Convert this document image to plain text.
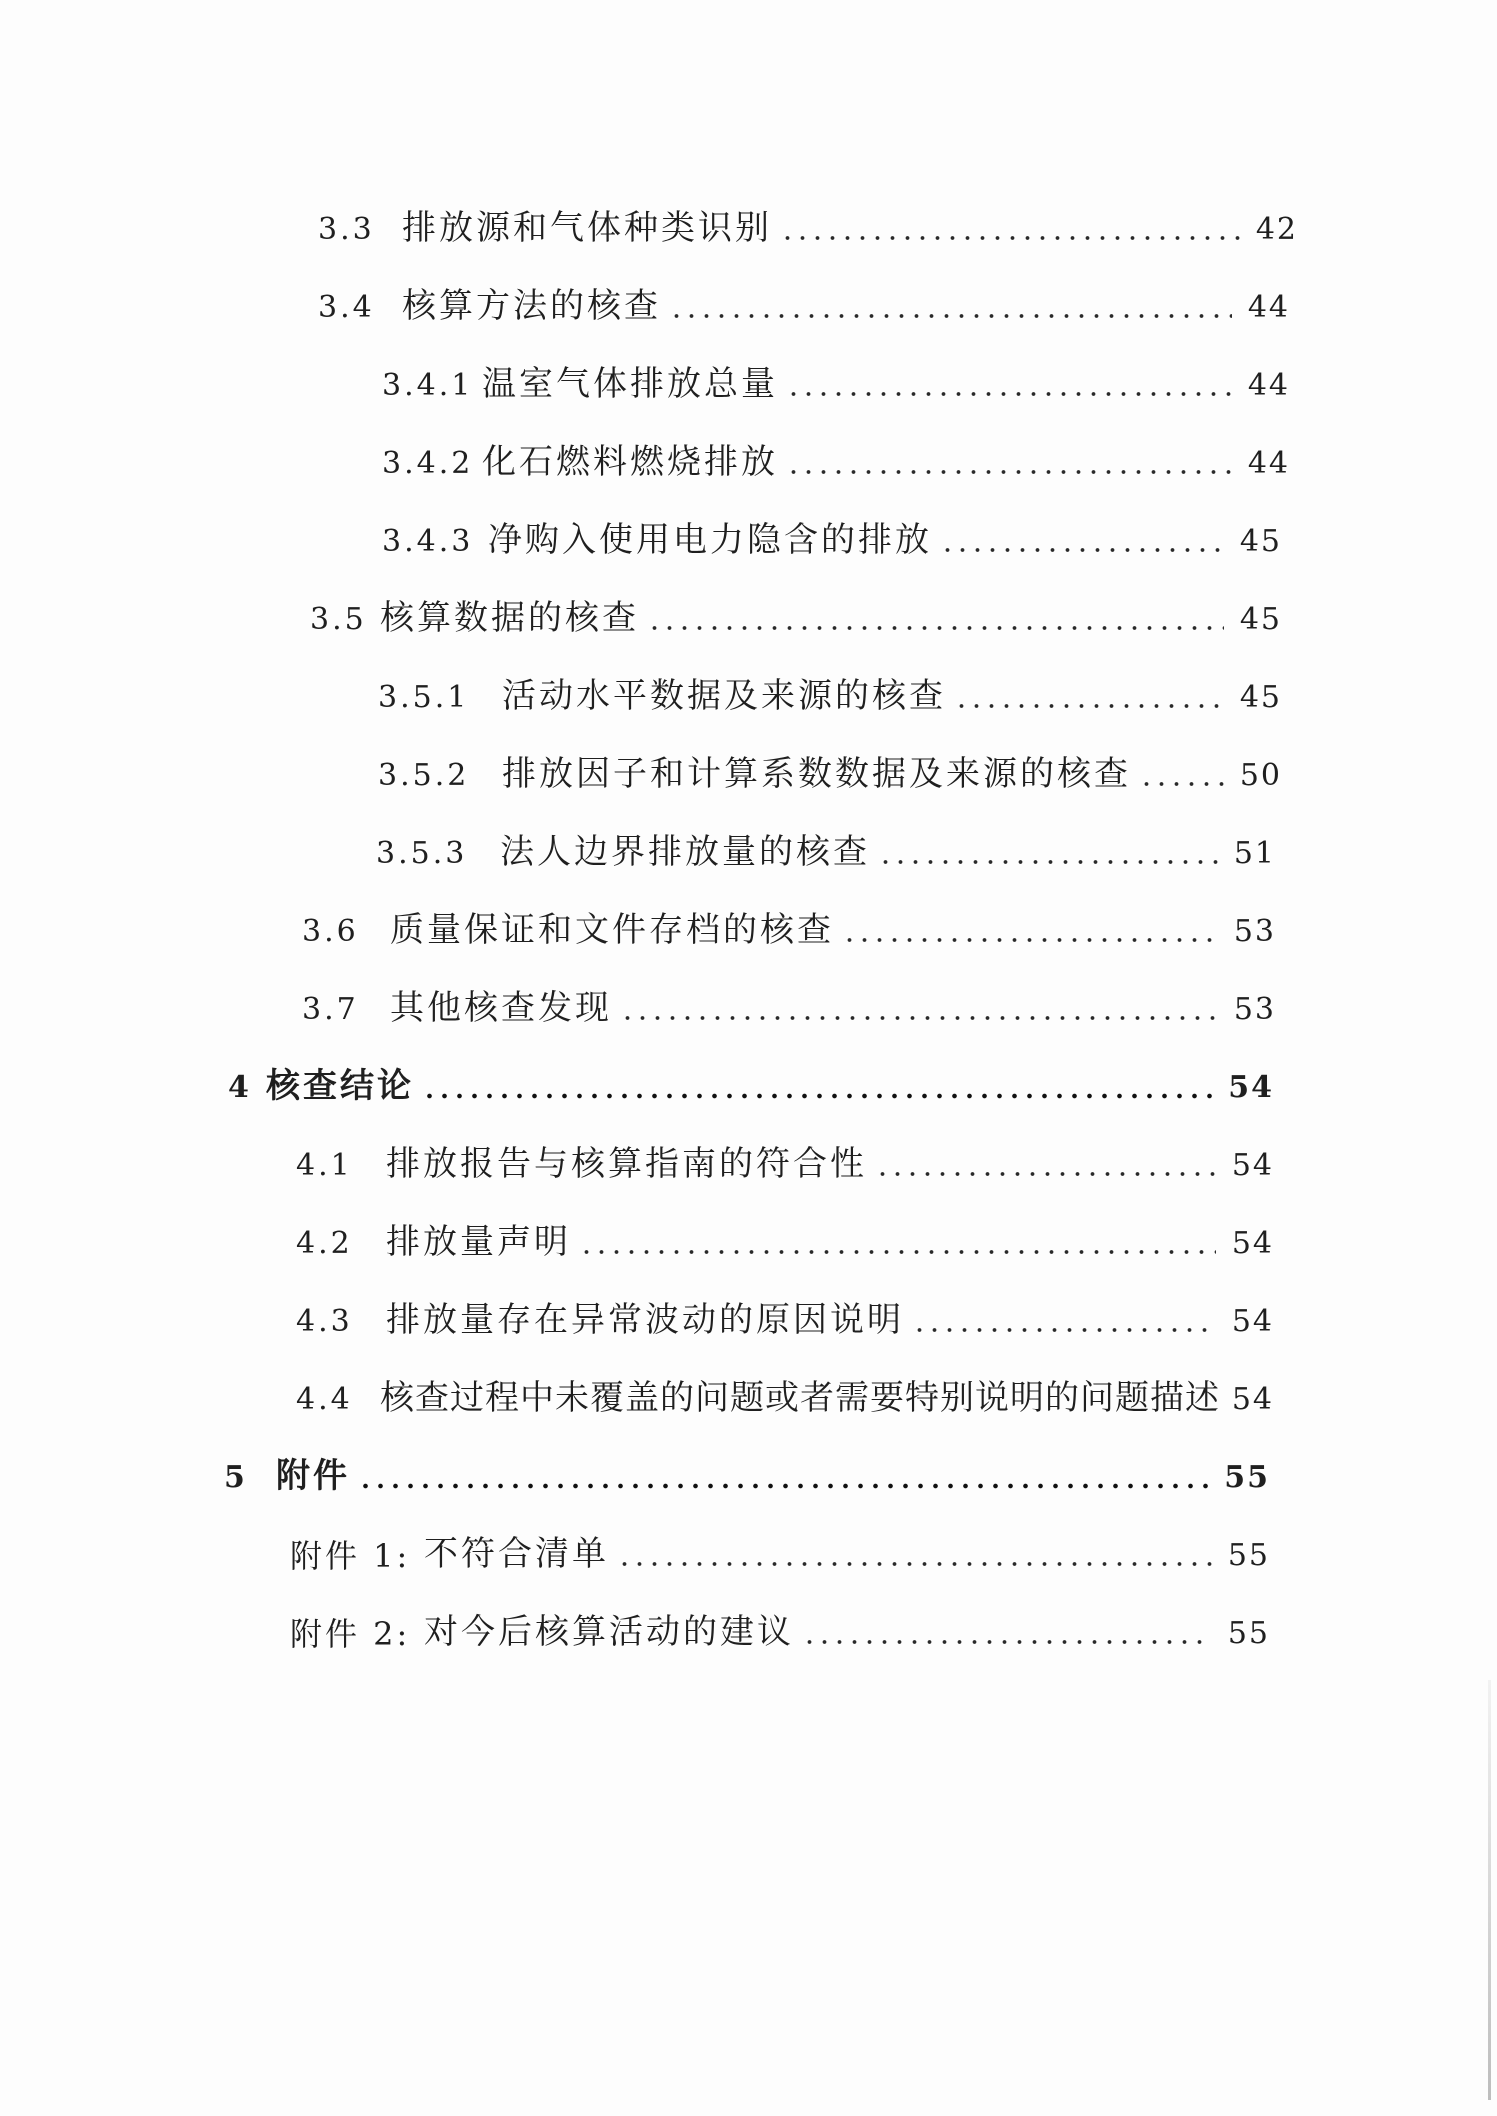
3.3 排放源和气体种类识别	42
3.4 核算方法的核查	44
3.4.1 温室气体排放总量	44
3.4.2 化石燃料燃烧排放	44
3.4.3 净购入使用电力隐含的排放	45
3.5 核算数据的核查	45
3.5.1 活动水平数据及来源的核查	45
3.5.2 排放因子和计算系数数据及来源的核查	50
3.5.3 法人边界排放量的核查	51
3.6 质量保证和文件存档的核查	53
3.7 其他核查发现	53
4 核查结论	54
4.1 排放报告与核算指南的符合性	54
4.2 排放量声明	54
4.3 排放量存在异常波动的原因说明	54
4.4 核查过程中未覆盖的问题或者需要特别说明的问题描述 54
5 附件	55
附件 1: 不符合清单	55
附件 2: 对今后核算活动的建议	55
